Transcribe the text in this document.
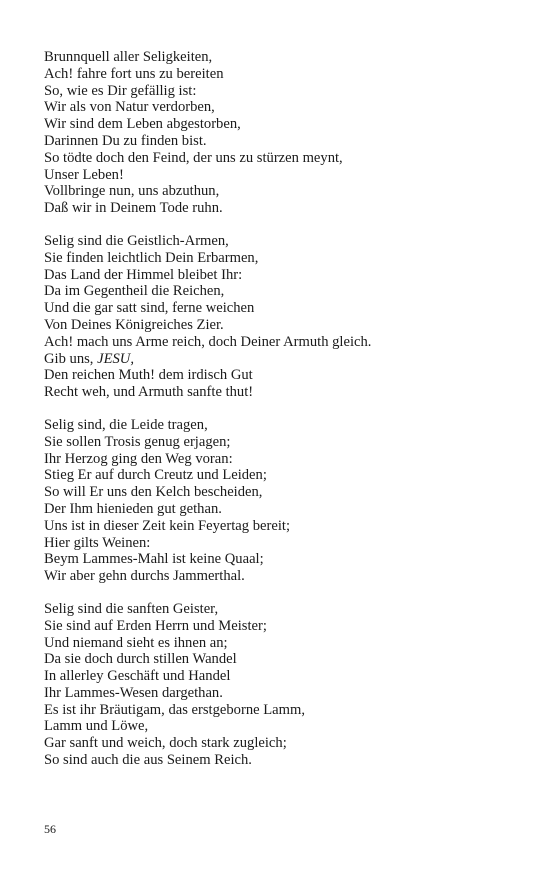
Brunnquell aller Seligkeiten,
Ach! fahre fort uns zu bereiten
So, wie es Dir gefällig ist:
Wir als von Natur verdorben,
Wir sind dem Leben abgestorben,
Darinnen Du zu finden bist.
So tödte doch den Feind, der uns zu stürzen meynt,
Unser Leben!
Vollbringe nun, uns abzuthun,
Daß wir in Deinem Tode ruhn.
Selig sind die Geistlich-Armen,
Sie finden leichtlich Dein Erbarmen,
Das Land der Himmel bleibet Ihr:
Da im Gegentheil die Reichen,
Und die gar satt sind, ferne weichen
Von Deines Königreiches Zier.
Ach! mach uns Arme reich, doch Deiner Armuth gleich.
Gib uns, JESU,
Den reichen Muth! dem irdisch Gut
Recht weh, und Armuth sanfte thut!
Selig sind, die Leide tragen,
Sie sollen Trosis genug erjagen;
Ihr Herzog ging den Weg voran:
Stieg Er auf durch Creutz und Leiden;
So will Er uns den Kelch bescheiden,
Der Ihm hienieden gut gethan.
Uns ist in dieser Zeit kein Feyertag bereit;
Hier gilts Weinen:
Beym Lammes-Mahl ist keine Quaal;
Wir aber gehn durchs Jammerthal.
Selig sind die sanften Geister,
Sie sind auf Erden Herrn und Meister;
Und niemand sieht es ihnen an;
Da sie doch durch stillen Wandel
In allerley Geschäft und Handel
Ihr Lammes-Wesen dargethan.
Es ist ihr Bräutigam, das erstgeborne Lamm,
Lamm und Löwe,
Gar sanft und weich, doch stark zugleich;
So sind auch die aus Seinem Reich.
56
